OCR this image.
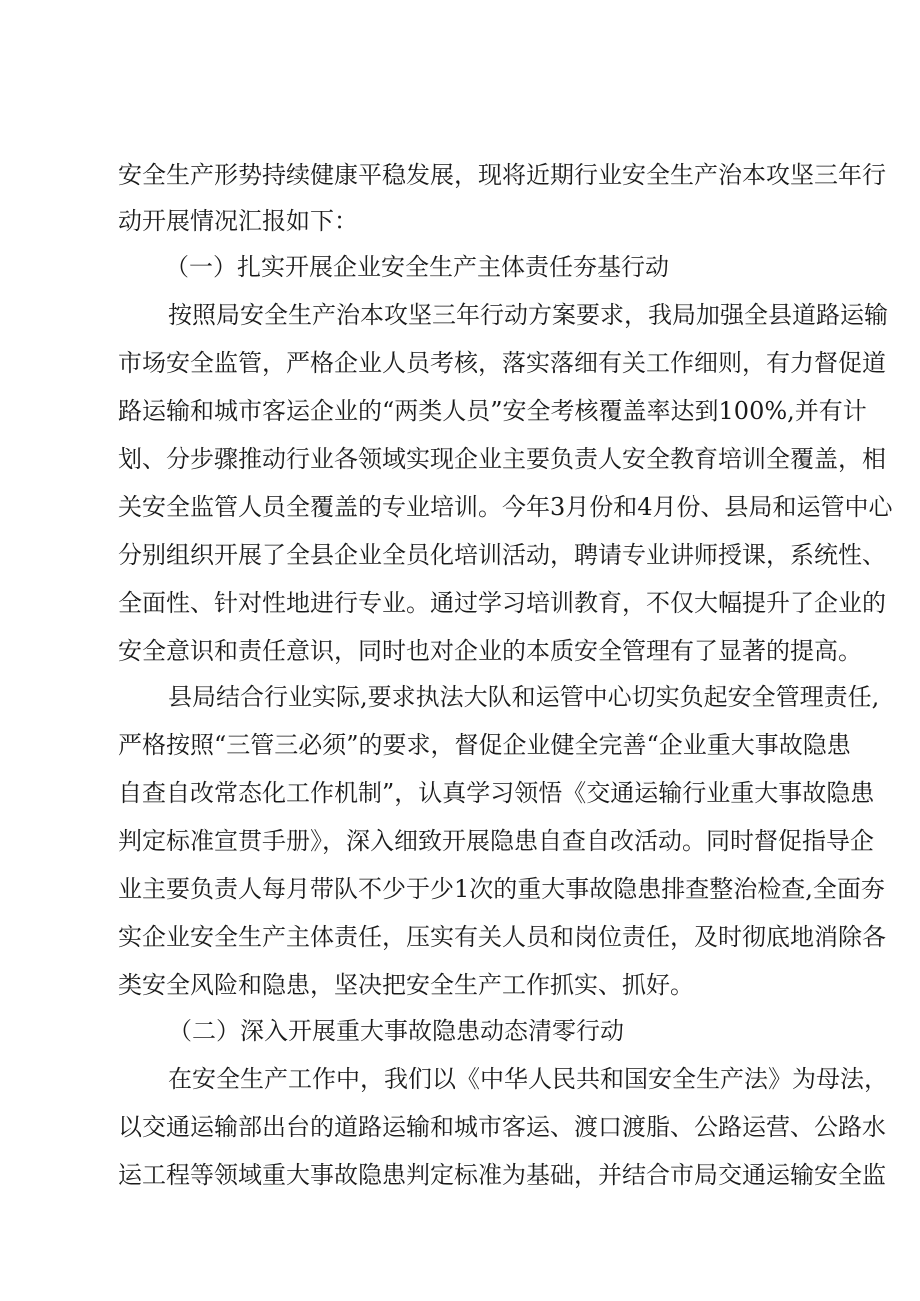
安全生产形势持续健康平稳发展，现将近期行业安全生产治本攻坚三年行
动开展情况汇报如下：
（一）扎实开展企业安全生产主体责任夯基行动
按照局安全生产治本攻坚三年行动方案要求，我局加强全县道路运输
市场安全监管，严格企业人员考核，落实落细有关工作细则，有力督促道
路运输和城市客运企业的“两类人员”安全考核覆盖率达到100%,并有计
划、分步骤推动行业各领域实现企业主要负责人安全教育培训全覆盖，相
关安全监管人员全覆盖的专业培训。今年3月份和4月份、县局和运管中心
分别组织开展了全县企业全员化培训活动，聘请专业讲师授课，系统性、
全面性、针对性地进行专业。通过学习培训教育，不仅大幅提升了企业的
安全意识和责任意识，同时也对企业的本质安全管理有了显著的提高。
县局结合行业实际,要求执法大队和运管中心切实负起安全管理责任,
严格按照“三管三必须”的要求，督促企业健全完善“企业重大事故隐患
自查自改常态化工作机制”，认真学习领悟《交通运输行业重大事故隐患
判定标准宣贯手册》，深入细致开展隐患自查自改活动。同时督促指导企
业主要负责人每月带队不少于少1次的重大事故隐患排查整治检查,全面夯
实企业安全生产主体责任，压实有关人员和岗位责任，及时彻底地消除各
类安全风险和隐患，坚决把安全生产工作抓实、抓好。
（二）深入开展重大事故隐患动态清零行动
在安全生产工作中，我们以《中华人民共和国安全生产法》为母法，
以交通运输部出台的道路运输和城市客运、渡口渡脂、公路运营、公路水
运工程等领域重大事故隐患判定标准为基础，并结合市局交通运输安全监
